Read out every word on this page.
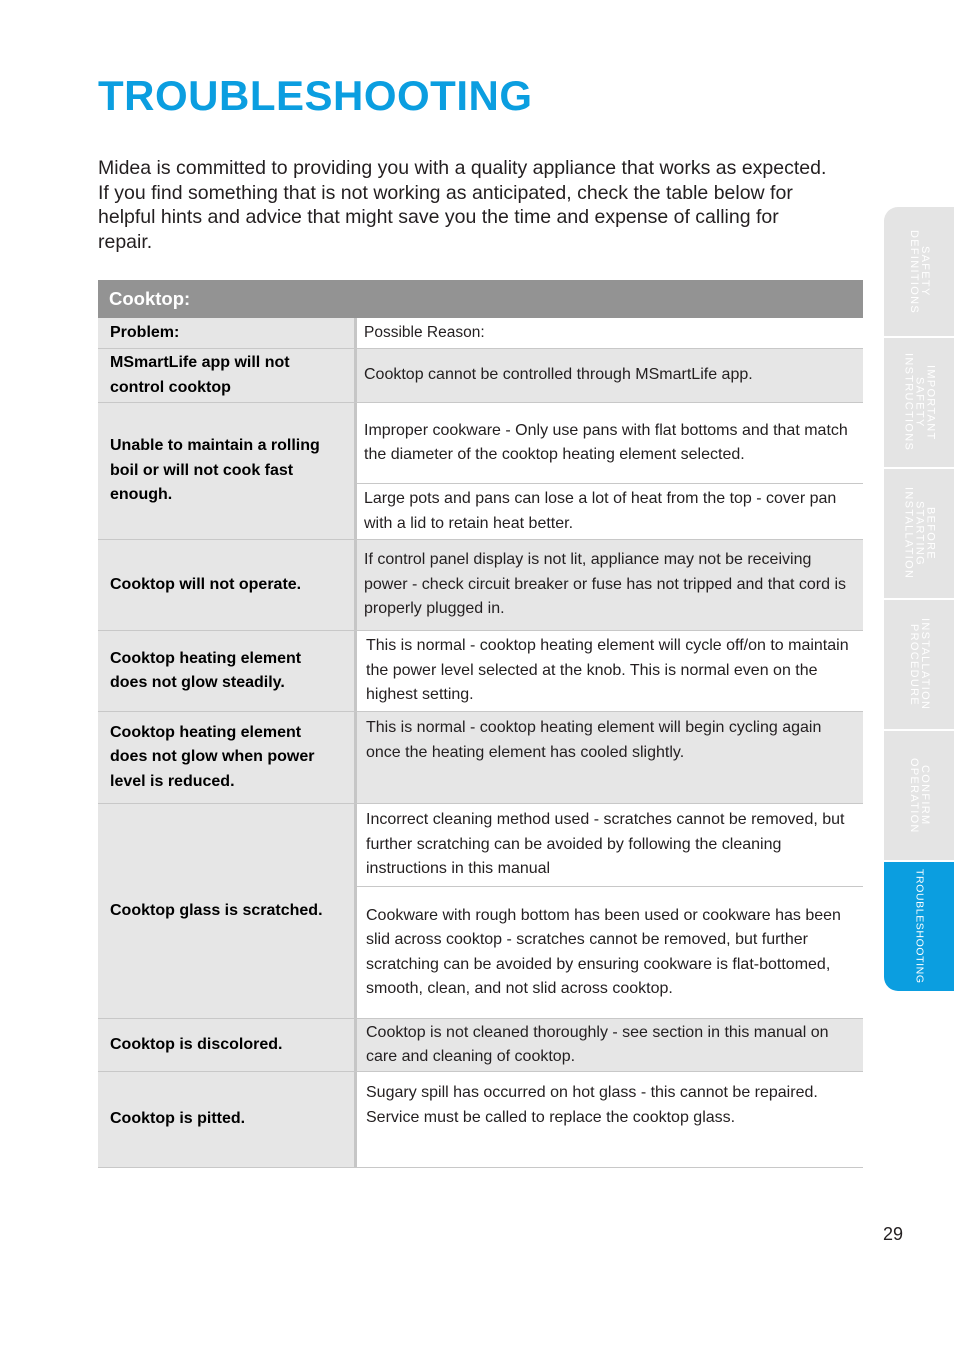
TROUBLESHOOTING

Midea is committed to providing you with a quality appliance that works as expected. If you find something that is not working as anticipated, check the table below for helpful hints and advice that might save you the time and expense of calling for repair.

Cooktop:
Problem:	Possible Reason:
MSmartLife app will not control cooktop
Cooktop cannot be controlled through MSmartLife app.
Unable to maintain a rolling boil or will not cook fast enough.
Improper cookware - Only use pans with flat bottoms and that match the diameter of the cooktop heating element selected.
Large pots and pans can lose a lot of heat from the top - cover pan with a lid to retain heat better.
Cooktop will not operate.
If control panel display is not lit, appliance may not be receiving power - check circuit breaker or fuse has not tripped and that cord is properly plugged in.
Cooktop heating element does not glow steadily.
This is normal - cooktop heating element will cycle off/on to maintain the power level selected at the knob. This is normal even on the highest setting.
Cooktop heating element does not glow when power level is reduced.
This is normal - cooktop heating element will begin cycling again once the heating element has cooled slightly.
Cooktop glass is scratched.
Incorrect cleaning method used - scratches cannot be removed, but further scratching can be avoided by following the cleaning instructions in this manual
Cookware with rough bottom has been used or cookware has been slid across cooktop - scratches cannot be removed, but further scratching can be avoided by ensuring cookware is flat-bottomed, smooth, clean, and not slid across cooktop.
Cooktop is discolored.
Cooktop is not cleaned thoroughly - see section in this manual on care and cleaning of cooktop.
Cooktop is pitted.
Sugary spill has occurred on hot glass - this cannot be repaired. Service must be called to replace the cooktop glass.
SAFETY
DEFINITIONS
IMPORTANT
SAFETY
INSTRUCTIONS
BEFORE
STARTING
INSTALLATION
INSTALLATION
PROCEDURE
CONFIRM
OPERATION
TROUBLESHOOTING
29
